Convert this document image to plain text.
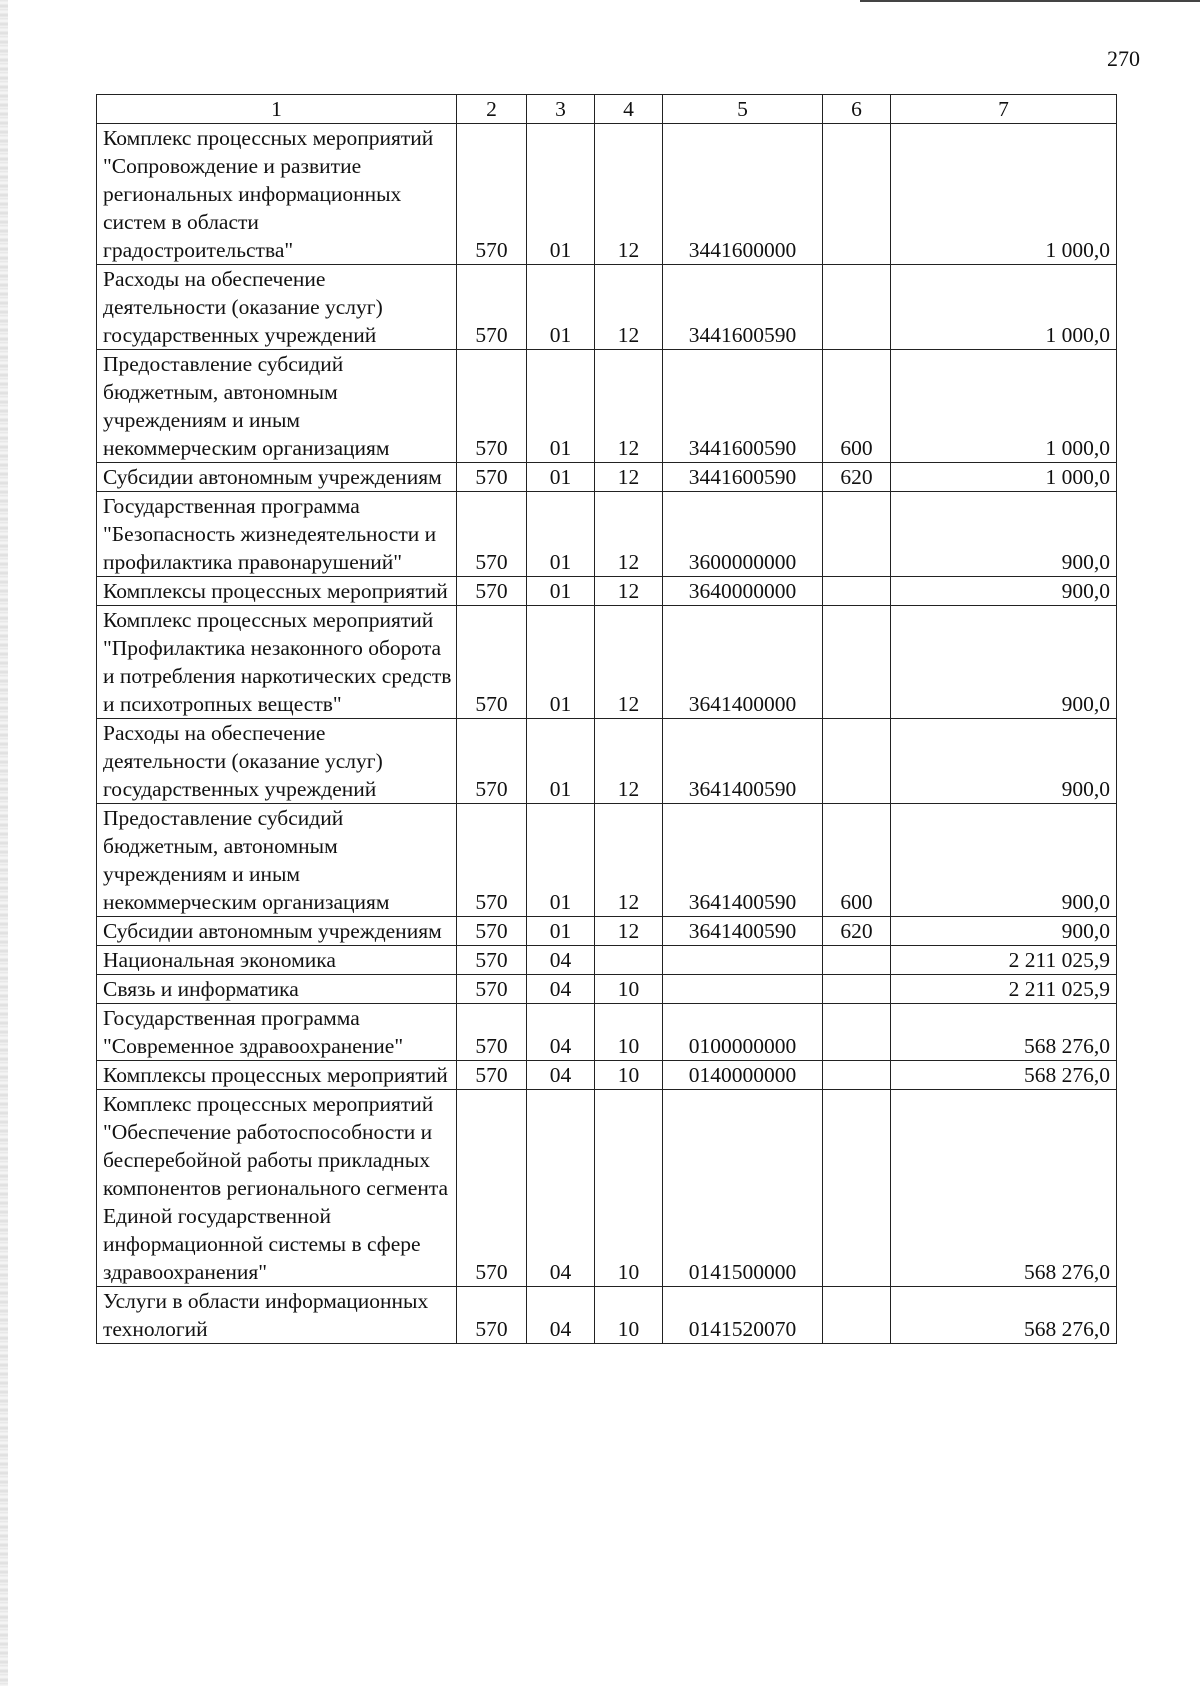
270
1	2	3	4	5	6	7
Комплекс процессных мероприятий "Сопровождение и развитие региональных информационных систем в области градостроительства"	570	01	12	3441600000		1 000,0
Расходы на обеспечение деятельности (оказание услуг) государственных учреждений	570	01	12	3441600590		1 000,0
Предоставление субсидий бюджетным, автономным учреждениям и иным некоммерческим организациям	570	01	12	3441600590	600	1 000,0
Субсидии автономным учреждениям	570	01	12	3441600590	620	1 000,0
Государственная программа "Безопасность жизнедеятельности и профилактика правонарушений"	570	01	12	3600000000		900,0
Комплексы процессных мероприятий	570	01	12	3640000000		900,0
Комплекс процессных мероприятий "Профилактика незаконного оборота и потребления наркотических средств и психотропных веществ"	570	01	12	3641400000		900,0
Расходы на обеспечение деятельности (оказание услуг) государственных учреждений	570	01	12	3641400590		900,0
Предоставление субсидий бюджетным, автономным учреждениям и иным некоммерческим организациям	570	01	12	3641400590	600	900,0
Субсидии автономным учреждениям	570	01	12	3641400590	620	900,0
Национальная экономика	570	04				2 211 025,9
Связь и информатика	570	04	10			2 211 025,9
Государственная программа "Современное здравоохранение"	570	04	10	0100000000		568 276,0
Комплексы процессных мероприятий	570	04	10	0140000000		568 276,0
Комплекс процессных мероприятий "Обеспечение работоспособности и бесперебойной работы прикладных компонентов регионального сегмента Единой государственной информационной системы в сфере здравоохранения"	570	04	10	0141500000		568 276,0
Услуги в области информационных технологий	570	04	10	0141520070		568 276,0
